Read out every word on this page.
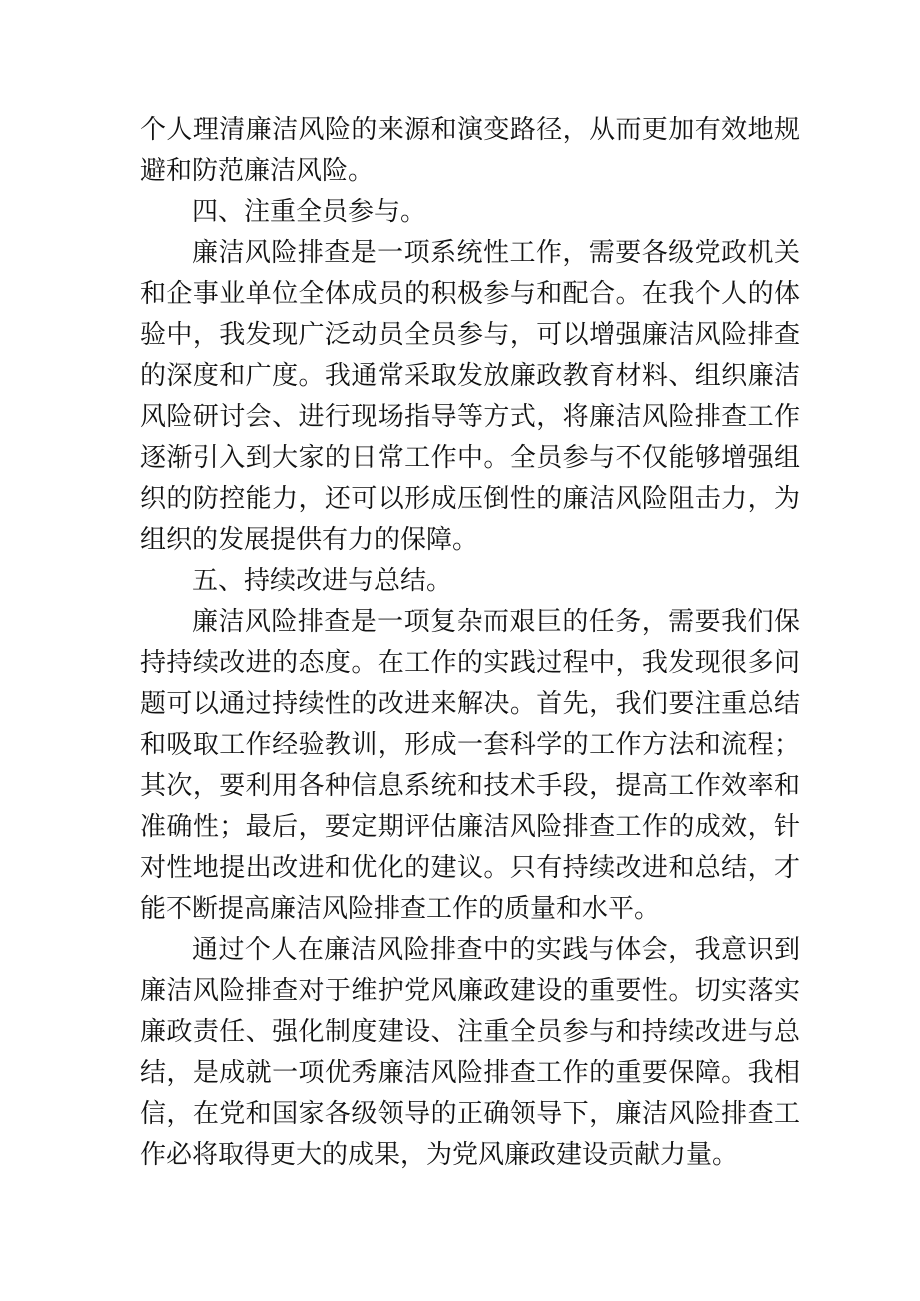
个人理清廉洁风险的来源和演变路径，从而更加有效地规避和防范廉洁风险。

四、注重全员参与。

廉洁风险排查是一项系统性工作，需要各级党政机关和企事业单位全体成员的积极参与和配合。在我个人的体验中，我发现广泛动员全员参与，可以增强廉洁风险排查的深度和广度。我通常采取发放廉政教育材料、组织廉洁风险研讨会、进行现场指导等方式，将廉洁风险排查工作逐渐引入到大家的日常工作中。全员参与不仅能够增强组织的防控能力，还可以形成压倒性的廉洁风险阻击力，为组织的发展提供有力的保障。

五、持续改进与总结。

廉洁风险排查是一项复杂而艰巨的任务，需要我们保持持续改进的态度。在工作的实践过程中，我发现很多问题可以通过持续性的改进来解决。首先，我们要注重总结和吸取工作经验教训，形成一套科学的工作方法和流程；其次，要利用各种信息系统和技术手段，提高工作效率和准确性；最后，要定期评估廉洁风险排查工作的成效，针对性地提出改进和优化的建议。只有持续改进和总结，才能不断提高廉洁风险排查工作的质量和水平。

通过个人在廉洁风险排查中的实践与体会，我意识到廉洁风险排查对于维护党风廉政建设的重要性。切实落实廉政责任、强化制度建设、注重全员参与和持续改进与总结，是成就一项优秀廉洁风险排查工作的重要保障。我相信，在党和国家各级领导的正确领导下，廉洁风险排查工作必将取得更大的成果，为党风廉政建设贡献力量。
